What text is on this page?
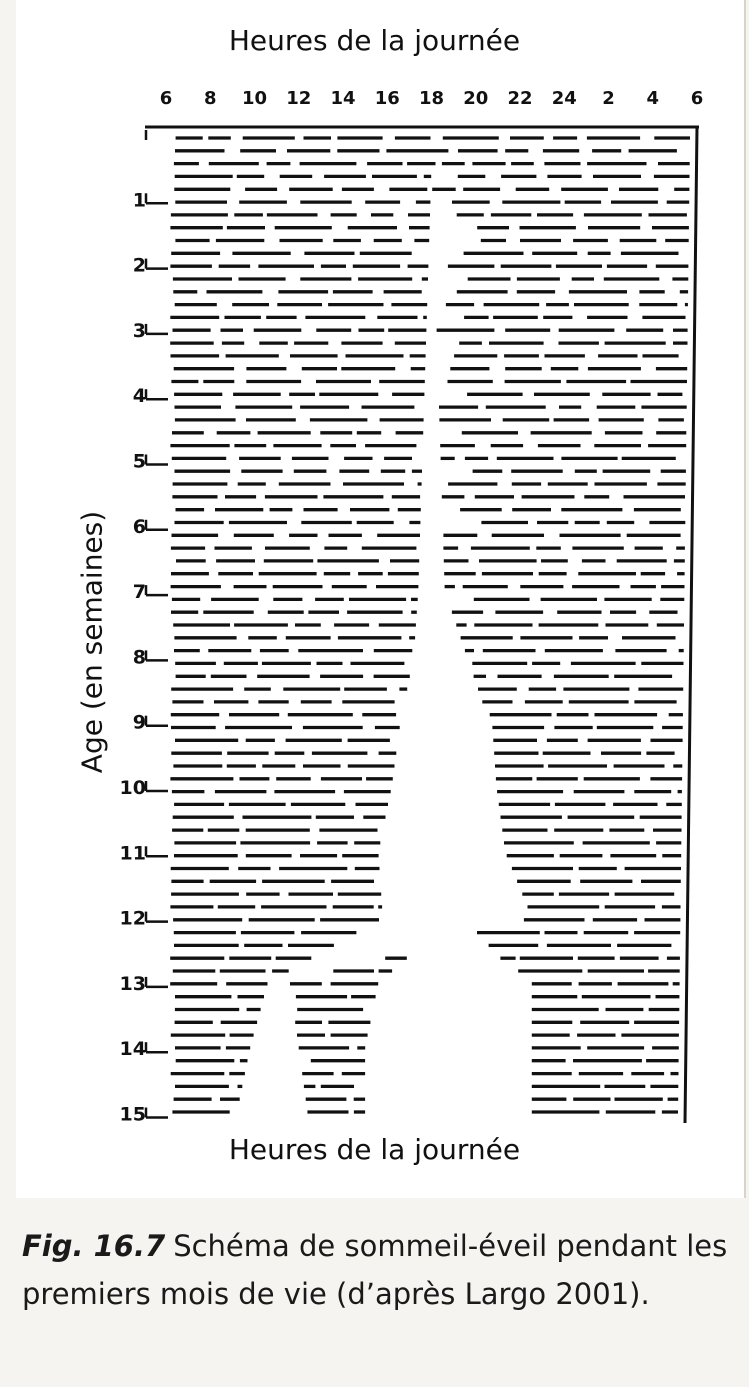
Heures de la journée
Age (en semaines)
6 8 10 12 14 16 18 20 22 24 2 4 6
1
2
3
4
5
6
7
8
9
10
11
12
13
14
15
Heures de la journée
Fig. 16.7 Schéma de sommeil-éveil pendant les premiers mois de vie (d’après Largo 2001).
